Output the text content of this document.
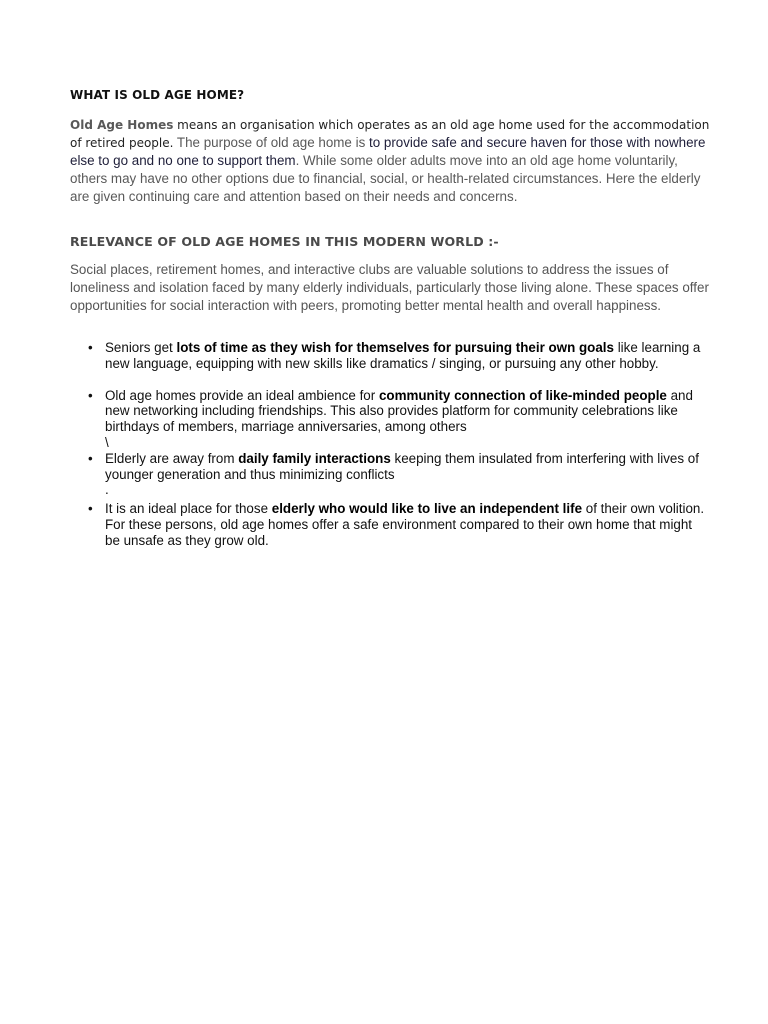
WHAT IS OLD AGE HOME?
Old Age Homes means an organisation which operates as an old age home used for the accommodation of retired people. The purpose of old age home is to provide safe and secure haven for those with nowhere else to go and no one to support them. While some older adults move into an old age home voluntarily, others may have no other options due to financial, social, or health-related circumstances. Here the elderly are given continuing care and attention based on their needs and concerns.
RELEVANCE OF OLD AGE HOMES IN THIS MODERN WORLD :-
Social places, retirement homes, and interactive clubs are valuable solutions to address the issues of loneliness and isolation faced by many elderly individuals, particularly those living alone. These spaces offer opportunities for social interaction with peers, promoting better mental health and overall happiness.
• Seniors get lots of time as they wish for themselves for pursuing their own goals like learning a new language, equipping with new skills like dramatics / singing, or pursuing any other hobby.
• Old age homes provide an ideal ambience for community connection of like-minded people and new networking including friendships. This also provides platform for community celebrations like birthdays of members, marriage anniversaries, among others
\
• Elderly are away from daily family interactions keeping them insulated from interfering with lives of younger generation and thus minimizing conflicts
.
• It is an ideal place for those elderly who would like to live an independent life of their own volition. For these persons, old age homes offer a safe environment compared to their own home that might be unsafe as they grow old.
